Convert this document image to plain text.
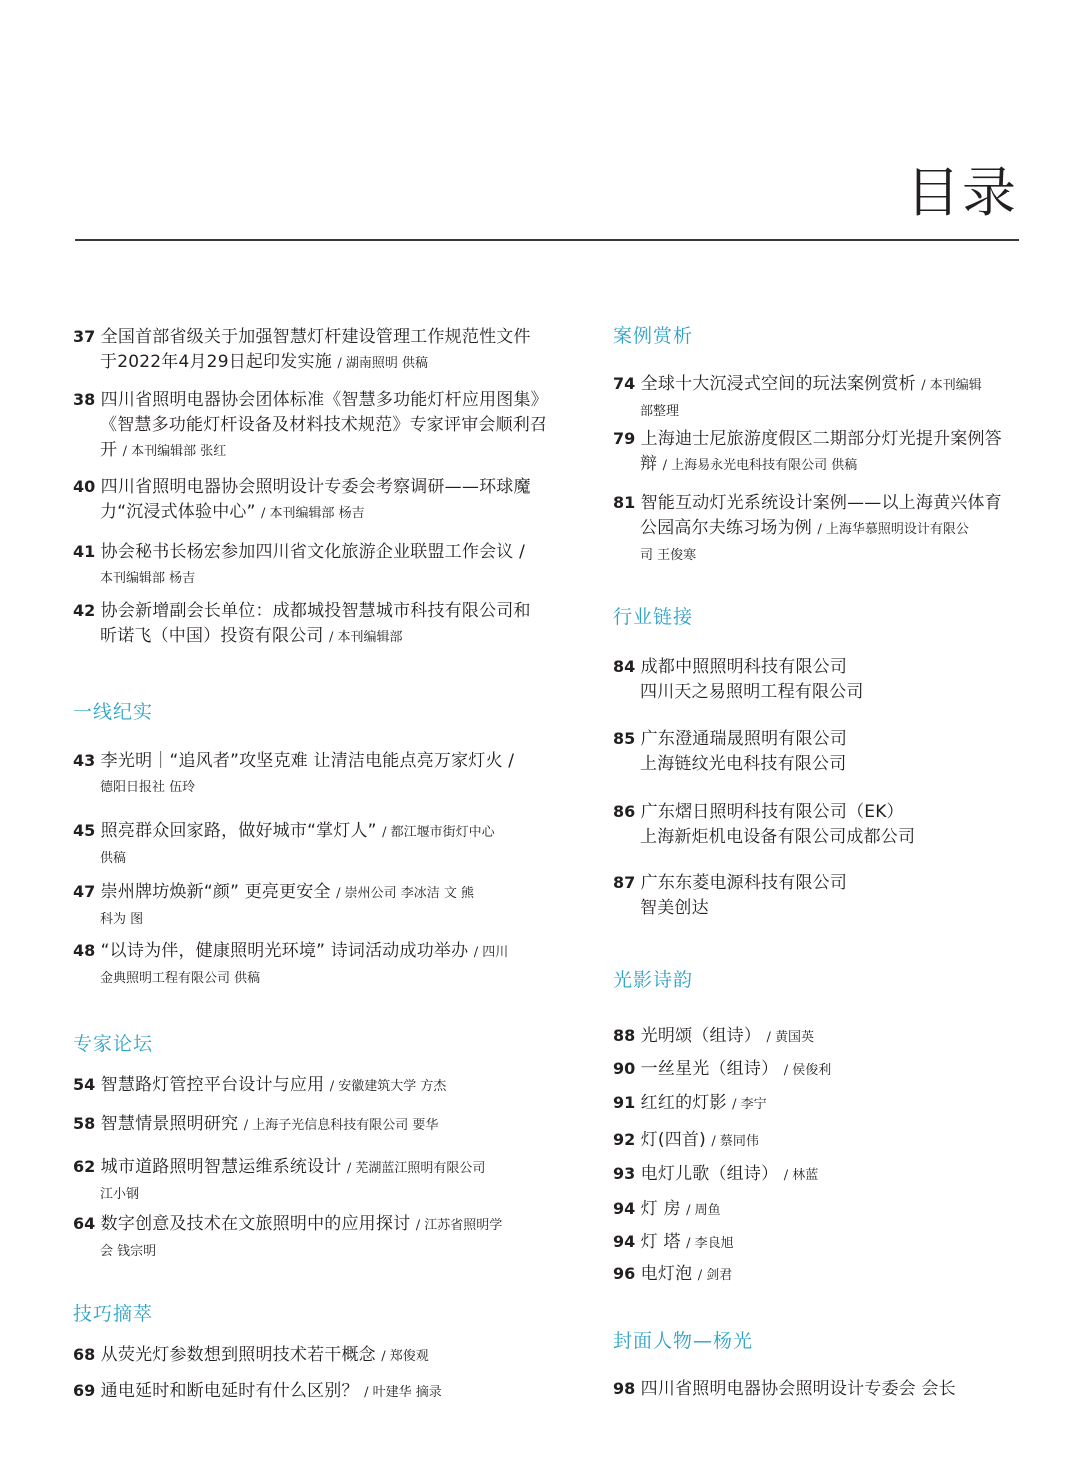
目录
37 全国首部省级关于加强智慧灯杆建设管理工作规范性文件
于2022年4月29日起印发实施 / 湖南照明 供稿
38 四川省照明电器协会团体标准《智慧多功能灯杆应用图集》
《智慧多功能灯杆设备及材料技术规范》专家评审会顺利召
开 / 本刊编辑部 张红
40 四川省照明电器协会照明设计专委会考察调研——环球魔
力“沉浸式体验中心” / 本刊编辑部 杨吉
41 协会秘书长杨宏参加四川省文化旅游企业联盟工作会议 /
本刊编辑部 杨吉
42 协会新增副会长单位：成都城投智慧城市科技有限公司和
昕诺飞（中国）投资有限公司 / 本刊编辑部
一线纪实
43 李光明｜“追风者”攻坚克难 让清洁电能点亮万家灯火 /
德阳日报社 伍玲
45 照亮群众回家路，做好城市“掌灯人” / 都江堰市街灯中心
供稿
47 崇州牌坊焕新“颜” 更亮更安全 / 崇州公司 李冰洁 文 熊
科为 图
48 “以诗为伴，健康照明光环境” 诗词活动成功举办 / 四川
金典照明工程有限公司 供稿
专家论坛
54 智慧路灯管控平台设计与应用 / 安徽建筑大学 方杰
58 智慧情景照明研究 / 上海子光信息科技有限公司 要华
62 城市道路照明智慧运维系统设计 / 芜湖蓝江照明有限公司
江小钢
64 数字创意及技术在文旅照明中的应用探讨 / 江苏省照明学
会 钱宗明
技巧摘萃
68 从荧光灯参数想到照明技术若干概念 / 郑俊观
69 通电延时和断电延时有什么区别？ / 叶建华 摘录
案例赏析
74 全球十大沉浸式空间的玩法案例赏析 / 本刊编辑
部整理
79 上海迪士尼旅游度假区二期部分灯光提升案例答
辩 / 上海易永光电科技有限公司 供稿
81 智能互动灯光系统设计案例——以上海黄兴体育
公园高尔夫练习场为例 / 上海华慕照明设计有限公
司 王俊寒
行业链接
84 成都中照照明科技有限公司
四川天之易照明工程有限公司
85 广东澄通瑞晟照明有限公司
上海链纹光电科技有限公司
86 广东熠日照明科技有限公司（EK）
上海新炬机电设备有限公司成都公司
87 广东东菱电源科技有限公司
智美创达
光影诗韵
88 光明颂（组诗） / 黄国英
90 一丝星光（组诗） / 侯俊利
91 红红的灯影 / 李宁
92 灯(四首) / 蔡同伟
93 电灯儿歌（组诗） / 林蓝
94 灯 房 / 周鱼
94 灯 塔 / 李良旭
96 电灯泡 / 剑君
封面人物—杨光
98 四川省照明电器协会照明设计专委会 会长
